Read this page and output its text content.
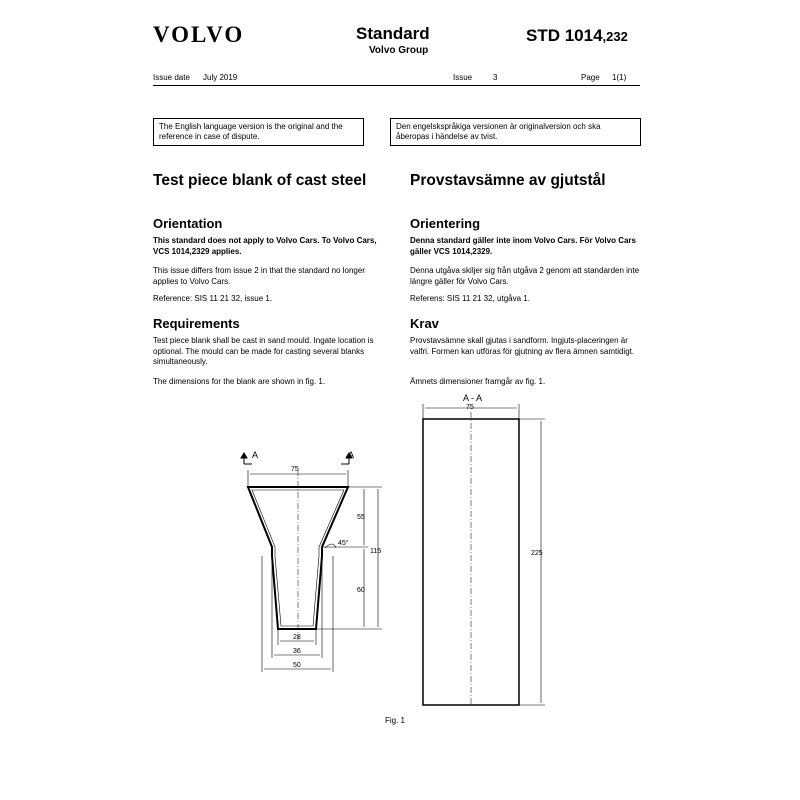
VOLVO	Standard
Volvo Group
STD 1014,232
Issue date July 2019	Issue	3	Page 1(1)
The English language version is the original and the reference in case of dispute.
Den engelskspråkiga versionen är originalversion och ska åberopas i händelse av tvist.
Test piece blank of cast steel	Provstavsämne av gjutstål
Orientation
This standard does not apply to Volvo Cars. To Volvo Cars, VCS 1014,2329 applies.
This issue differs from issue 2 in that the standard no longer applies to Volvo Cars.
Reference: SIS 11 21 32, issue 1.
Requirements
Test piece blank shall be cast in sand mould. Ingate location is optional. The mould can be made for casting several blanks simultaneously.
The dimensions for the blank are shown in fig. 1.
Orientering
Denna standard gäller inte inom Volvo Cars. För Volvo Cars gäller VCS 1014,2329.
Denna utgåva skiljer sig från utgåva 2 genom att standarden inte längre gäller för Volvo Cars.
Referens: SIS 11 21 32, utgåva 1.
Krav
Provstavsämne skall gjutas i sandform. Ingjuts-placeringen är valfri. Formen kan utföras för gjutning av flera ämnen samtidigt.
Ämnets dimensioner framgår av fig. 1.
A	A
75
55
115
60
45°
28
36
50
A - A
75
225
Fig. 1
